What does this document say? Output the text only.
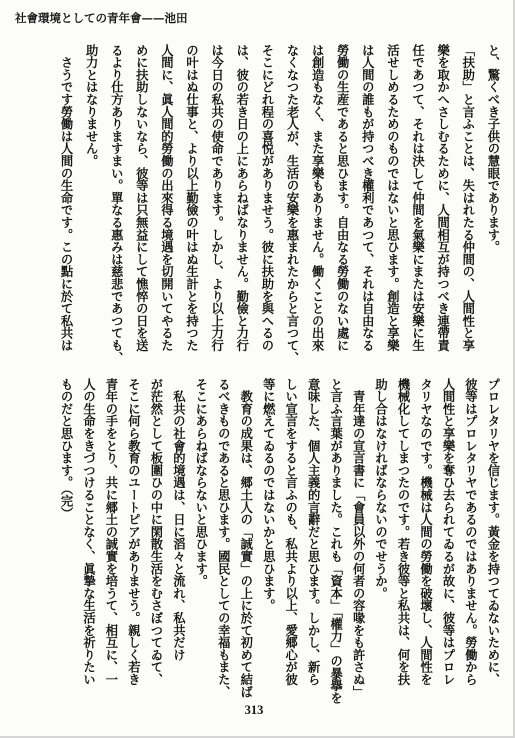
社會環境としての青年會——池田
と、驚くべき子供の慧眼であります。
「扶助」と言ふことは、失はれたる仲間の、人間性と享
樂を取かへさしむるために、人間相互が持つべき連帶責
任であつて、それは決して仲間を氣樂にまたは安樂に生
活せしめるためのものではないと思ひます。創造と享樂
は人間の誰もが持つべき權利であつて、それは自由なる
勞働の生産であると思ひます。自由なる勞働のない處に
は創造もなく、また享樂もありません。働くことの出來
なくなつた老人が、生活の安樂を惠まれたからと言つて、
そこにどれ程の喜悦がありませう。彼に扶助を與へるの
は、彼の若き日の上にあらねばなりません。勤儉と力行
は今日の私共の使命であります。しかし、より以上力行
の叶はぬ仕事と、より以上勤儉の叶はぬ生計とを持つた
人間に、眞人間的勞働の出來得る境遇を切開いてやるた
めに扶助しないなら、彼等は只無益にして憔悴の日を送
るより仕方ありますまい。單なる惠みは慈悲であつても、
助力とはなりません。
　さうです勞働は人間の生命です。この點に於て私共は
プロレタリヤを信じます。黃金を持つてゐないために、
彼等はプロレタリヤであるのではありません。勞働から
人間性と享樂を奪ひ去られてゐるが故に、彼等はプロレ
タリヤなのです。機械は人間の勞働を破壞し、人間性を
機械化してしまつたのです。若き彼等と私共は、何を扶
助し合はなければならないのでせうか。
　青年達の宣言書に「會員以外の何者の容喙をも許さぬ」
と言ふ言葉がありました。これも「資本」「權力」の暴擧を
意味した、個人主義的言辭だと思ひます。しかし、新ら
しい宣言をすると言ふのも、私共より以上、愛郷心が彼
等に燃えてゐるのではないかと思ひます。
　教育の成果は、郷土人の「誠實」の上に於て初めて結ば
るべきものであると思ひます。國民としての幸福もまた、
そこにあらねばならないと思ひます。
　私共の社會的境遇は、日に滔々と流れ、私共だけ
が茫然として板圍ひの中に閑散生活をむさぼつてゐて、
そこに何ら教育のユートピアがありませう。親しく若き
青年の手をとり、共に郷土の誠實を培うて、相互に、一
人の生命をきづつけることなく、眞摯な生活を祈りたい
ものだと思ひます。（完）
313
